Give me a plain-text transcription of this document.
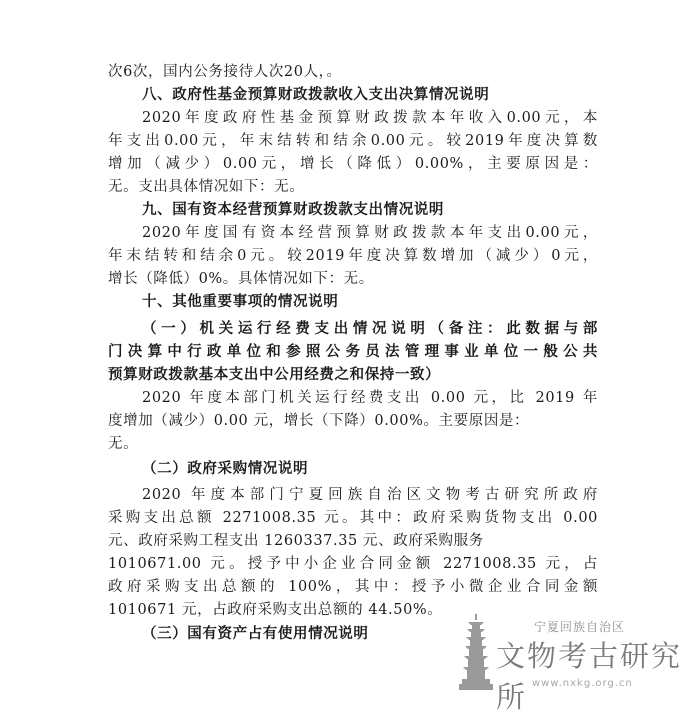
次6次，国内公务接待人次20人，。
八、政府性基金预算财政拨款收入支出决算情况说明
2020年度政府性基金预算财政拨款本年收入0.00元，本
年支出0.00元，年末结转和结余0.00元。较2019年度决算数
增加（减少）0.00元，增长（降低）0.00%，主要原因是：
无。支出具体情况如下：无。
九、国有资本经营预算财政拨款支出情况说明
2020年度国有资本经营预算财政拨款本年支出0.00元，
年末结转和结余0元。较2019年度决算数增加（减少）0元，
增长（降低）0%。具体情况如下：无。
十、其他重要事项的情况说明
（一）机关运行经费支出情况说明（备注：此数据与部
门决算中行政单位和参照公务员法管理事业单位一般公共
预算财政拨款基本支出中公用经费之和保持一致）
2020 年度本部门机关运行经费支出 0.00 元，比 2019 年
度增加（减少）0.00 元，增长（下降）0.00%。主要原因是：
无。
（二）政府采购情况说明
2020 年度本部门宁夏回族自治区文物考古研究所政府
采购支出总额 2271008.35 元。其中：政府采购货物支出 0.00
元、政府采购工程支出 1260337.35 元、政府采购服务
1010671.00 元。授予中小企业合同金额 2271008.35 元，占
政府采购支出总额的 100%，其中：授予小微企业合同金额
1010671 元，占政府采购支出总额的 44.50%。
（三）国有资产占有使用情况说明	宁夏回族自治区
文物考古研究所 www.nxkg.org.cn
